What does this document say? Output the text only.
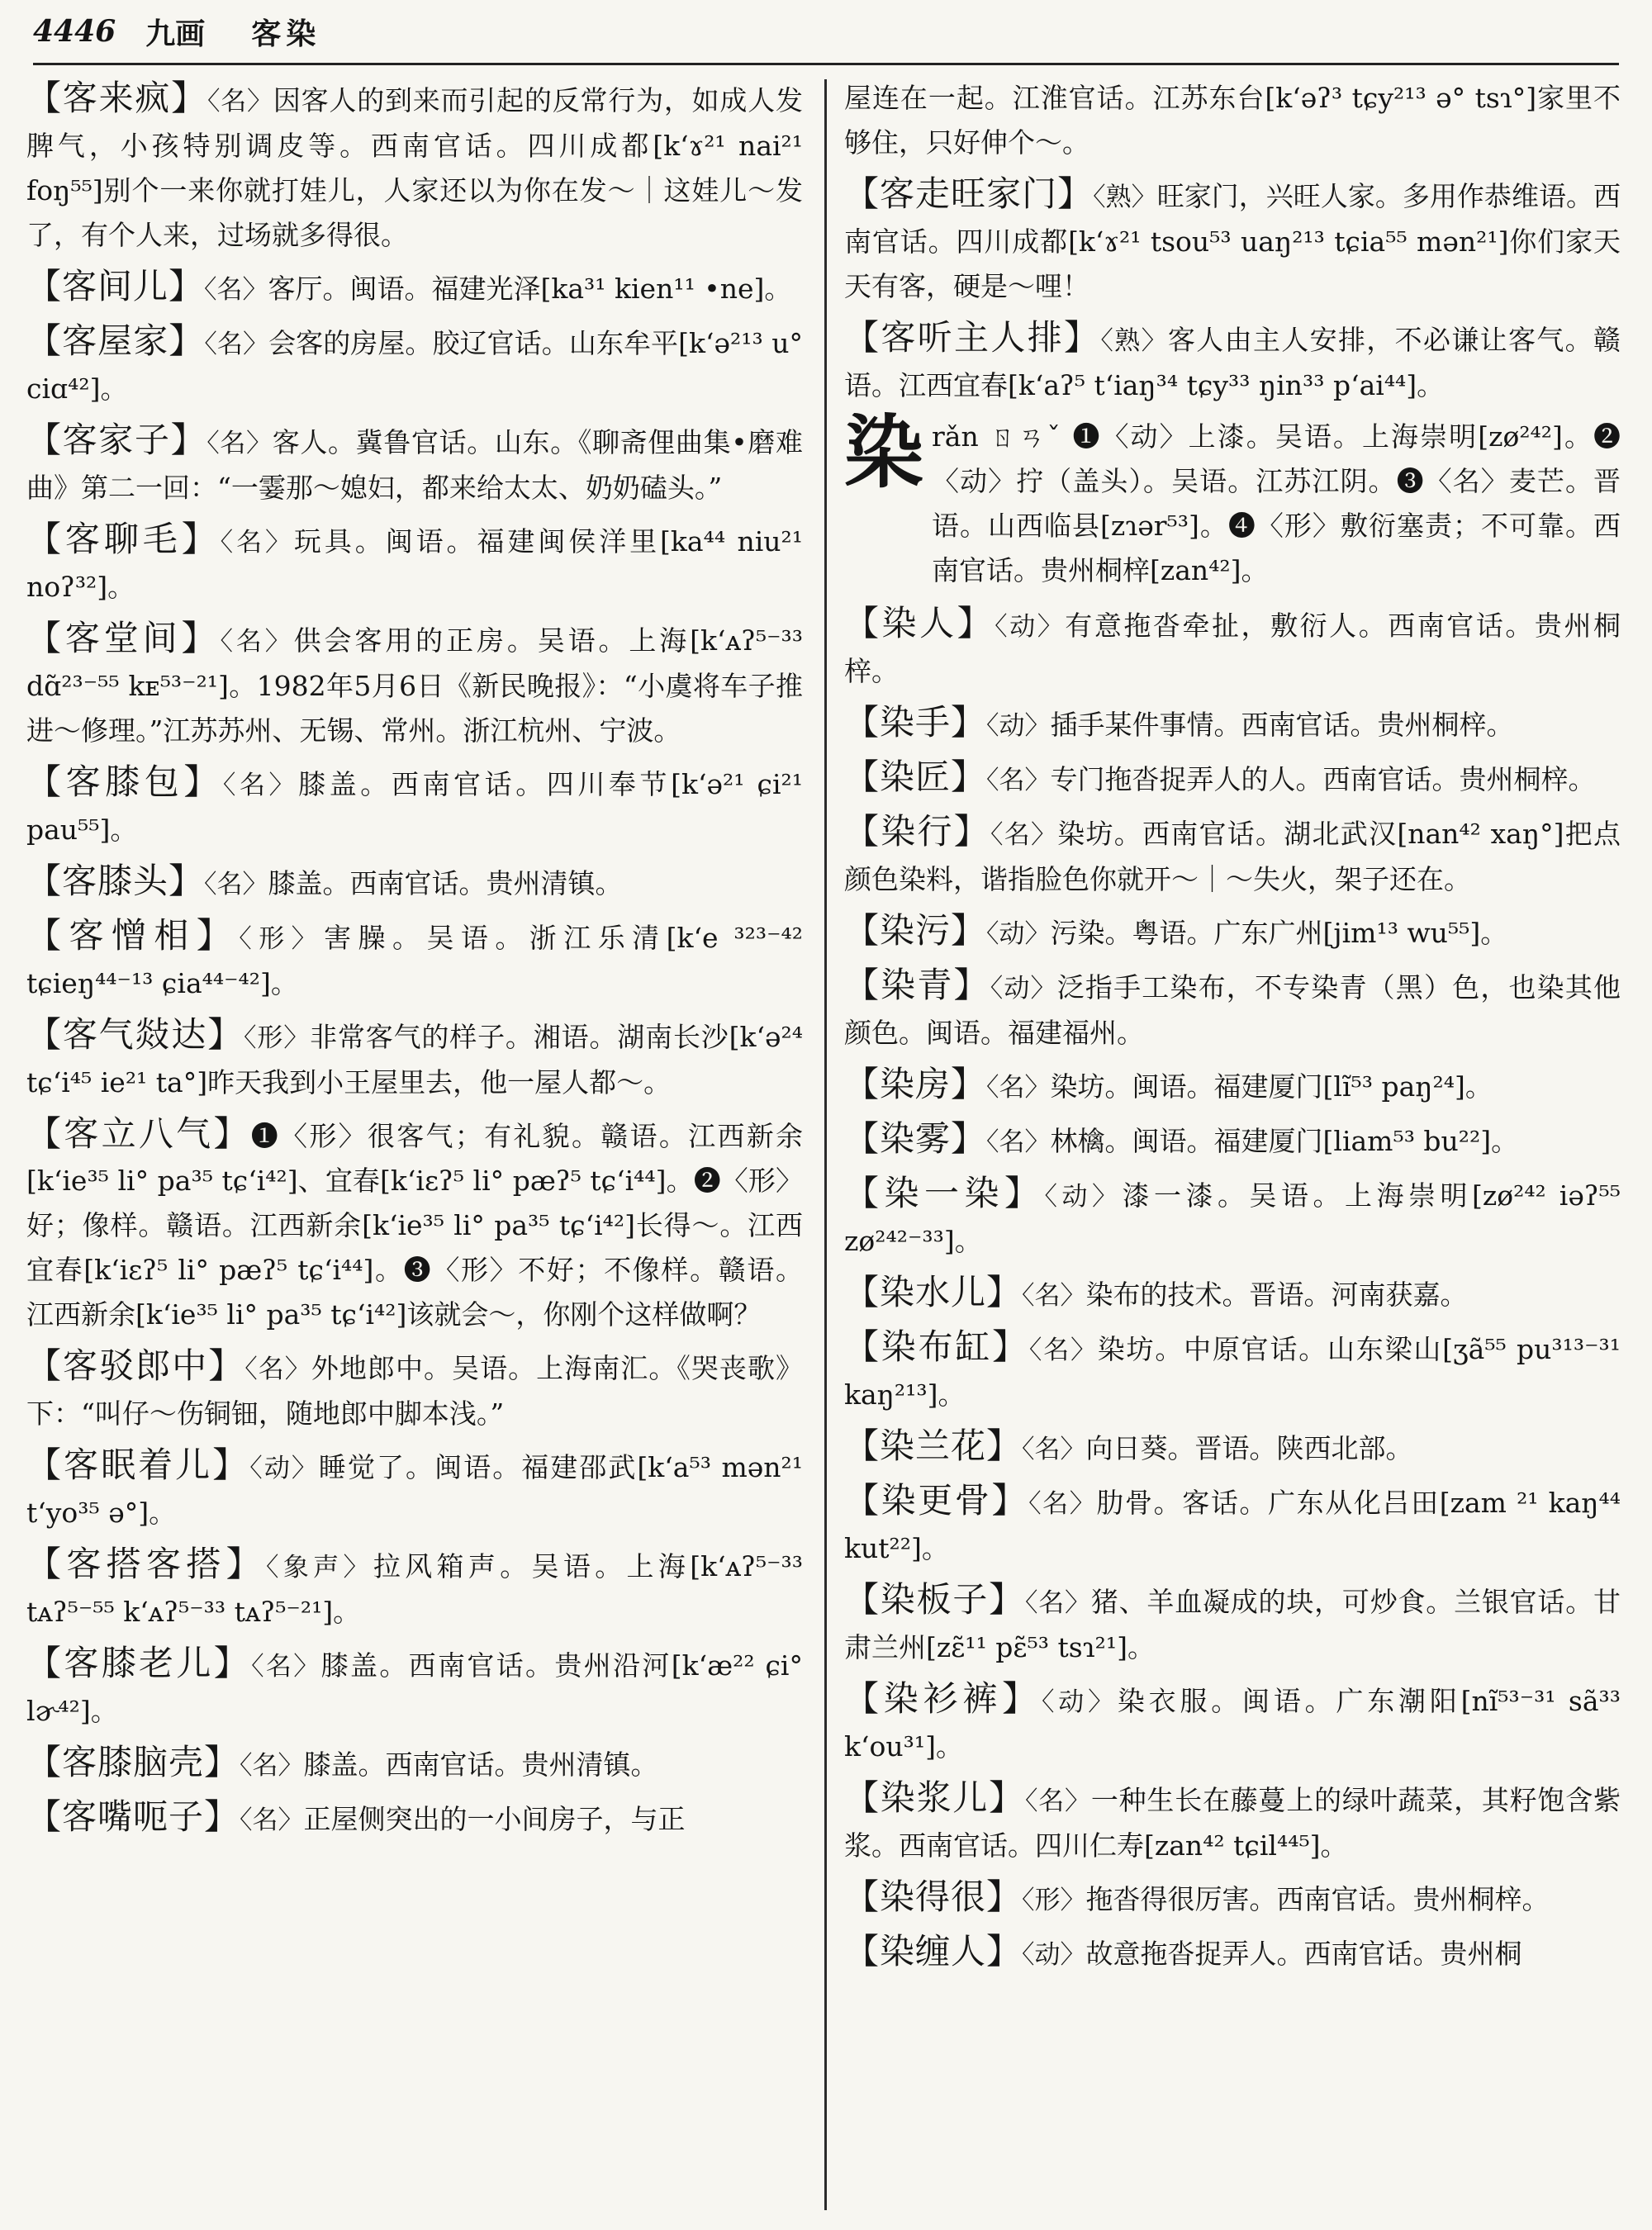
4446 九画 客染
【客来疯】〈名〉因客人的到来而引起的反常行为，如成人发脾气，小孩特别调皮等。西南官话。四川成都[k‘ɤ²¹ nai²¹ foŋ⁵⁵]别个一来你就打娃儿，人家还以为你在发～｜这娃儿～发了，有个人来，过场就多得很。
【客间儿】〈名〉客厅。闽语。福建光泽[ka³¹ kien¹¹ •ne]。
【客屋家】〈名〉会客的房屋。胶辽官话。山东牟平[k‘ə²¹³ u° ciɑ⁴²]。
【客家子】〈名〉客人。冀鲁官话。山东。《聊斋俚曲集•磨难曲》第二一回：“一霎那～媳妇，都来给太太、奶奶磕头。”
【客聊毛】〈名〉玩具。闽语。福建闽侯洋里[ka⁴⁴ niu²¹ noʔ³²]。
【客堂间】〈名〉供会客用的正房。吴语。上海[k‘ᴀʔ⁵⁻³³ dɑ̃²³⁻⁵⁵ kᴇ⁵³⁻²¹]。1982年5月6日《新民晚报》：“小虞将车子推进～修理。”江苏苏州、无锡、常州。浙江杭州、宁波。
【客膝包】〈名〉膝盖。西南官话。四川奉节[k‘ə²¹ ɕi²¹ pau⁵⁵]。
【客膝头】〈名〉膝盖。西南官话。贵州清镇。
【客憎相】〈形〉害臊。吴语。浙江乐清[k‘e ³²³⁻⁴² tɕieŋ⁴⁴⁻¹³ ɕia⁴⁴⁻⁴²]。
【客气敥达】〈形〉非常客气的样子。湘语。湖南长沙[k‘ə²⁴ tɕ‘i⁴⁵ ie²¹ ta°]昨天我到小王屋里去，他一屋人都～。
【客立八气】❶〈形〉很客气；有礼貌。赣语。江西新余[k‘ie³⁵ li° pa³⁵ tɕ‘i⁴²]、宜春[k‘iɛʔ⁵ li° pæʔ⁵ tɕ‘i⁴⁴]。❷〈形〉好；像样。赣语。江西新余[k‘ie³⁵ li° pa³⁵ tɕ‘i⁴²]长得～。江西宜春[k‘iɛʔ⁵ li° pæʔ⁵ tɕ‘i⁴⁴]。❸〈形〉不好；不像样。赣语。江西新余[k‘ie³⁵ li° pa³⁵ tɕ‘i⁴²]该就会～，你刚个这样做啊？
【客驳郎中】〈名〉外地郎中。吴语。上海南汇。《哭丧歌》下：“叫仔～伤铜钿，随地郎中脚本浅。”
【客眠着儿】〈动〉睡觉了。闽语。福建邵武[k‘a⁵³ mən²¹ t‘yo³⁵ ə°]。
【客搭客搭】〈象声〉拉风箱声。吴语。上海[k‘ᴀʔ⁵⁻³³ tᴀʔ⁵⁻⁵⁵ k‘ᴀʔ⁵⁻³³ tᴀʔ⁵⁻²¹]。
【客膝老儿】〈名〉膝盖。西南官话。贵州沿河[k‘æ²² ɕi° lɚ⁴²]。
【客膝脑壳】〈名〉膝盖。西南官话。贵州清镇。
【客嘴呃子】〈名〉正屋侧突出的一小间房子，与正
屋连在一起。江淮官话。江苏东台[k‘əʔ³ tɕy²¹³ ə° tsɿ°]家里不够住，只好伸个～。
【客走旺家门】〈熟〉旺家门，兴旺人家。多用作恭维语。西南官话。四川成都[k‘ɤ²¹ tsou⁵³ uaŋ²¹³ tɕia⁵⁵ mən²¹]你们家天天有客，硬是～哩！
【客听主人排】〈熟〉客人由主人安排，不必谦让客气。赣语。江西宜春[k‘aʔ⁵ t‘iaŋ³⁴ tɕy³³ ŋin³³ p‘ai⁴⁴]。
染 rǎn ㄖㄢˇ ❶〈动〉上漆。吴语。上海崇明[zø²⁴²]。❷〈动〉拧（盖头）。吴语。江苏江阴。❸〈名〉麦芒。晋语。山西临县[zɿər⁵³]。❹〈形〉敷衍塞责；不可靠。西南官话。贵州桐梓[zan⁴²]。
【染人】〈动〉有意拖沓牵扯，敷衍人。西南官话。贵州桐梓。
【染手】〈动〉插手某件事情。西南官话。贵州桐梓。
【染匠】〈名〉专门拖沓捉弄人的人。西南官话。贵州桐梓。
【染行】〈名〉染坊。西南官话。湖北武汉[nan⁴² xaŋ°]把点颜色染料，谐指脸色你就开～｜～失火，架子还在。
【染污】〈动〉污染。粤语。广东广州[jim¹³ wu⁵⁵]。
【染青】〈动〉泛指手工染布，不专染青（黑）色，也染其他颜色。闽语。福建福州。
【染房】〈名〉染坊。闽语。福建厦门[lĩ⁵³ paŋ²⁴]。
【染雾】〈名〉林檎。闽语。福建厦门[liam⁵³ bu²²]。
【染一染】〈动〉漆一漆。吴语。上海崇明[zø²⁴² iəʔ⁵⁵ zø²⁴²⁻³³]。
【染水儿】〈名〉染布的技术。晋语。河南获嘉。
【染布缸】〈名〉染坊。中原官话。山东梁山[ʒã⁵⁵ pu³¹³⁻³¹ kaŋ²¹³]。
【染兰花】〈名〉向日葵。晋语。陕西北部。
【染更骨】〈名〉肋骨。客话。广东从化吕田[zam ²¹ kaŋ⁴⁴ kut²²]。
【染板子】〈名〉猪、羊血凝成的块，可炒食。兰银官话。甘肃兰州[zɛ̃¹¹ pɛ̃⁵³ tsɿ²¹]。
【染衫裤】〈动〉染衣服。闽语。广东潮阳[nĩ⁵³⁻³¹ sã³³ k‘ou³¹]。
【染浆儿】〈名〉一种生长在藤蔓上的绿叶蔬菜，其籽饱含紫浆。西南官话。四川仁寿[zan⁴² tɕil⁴⁴⁵]。
【染得很】〈形〉拖沓得很厉害。西南官话。贵州桐梓。
【染缠人】〈动〉故意拖沓捉弄人。西南官话。贵州桐
